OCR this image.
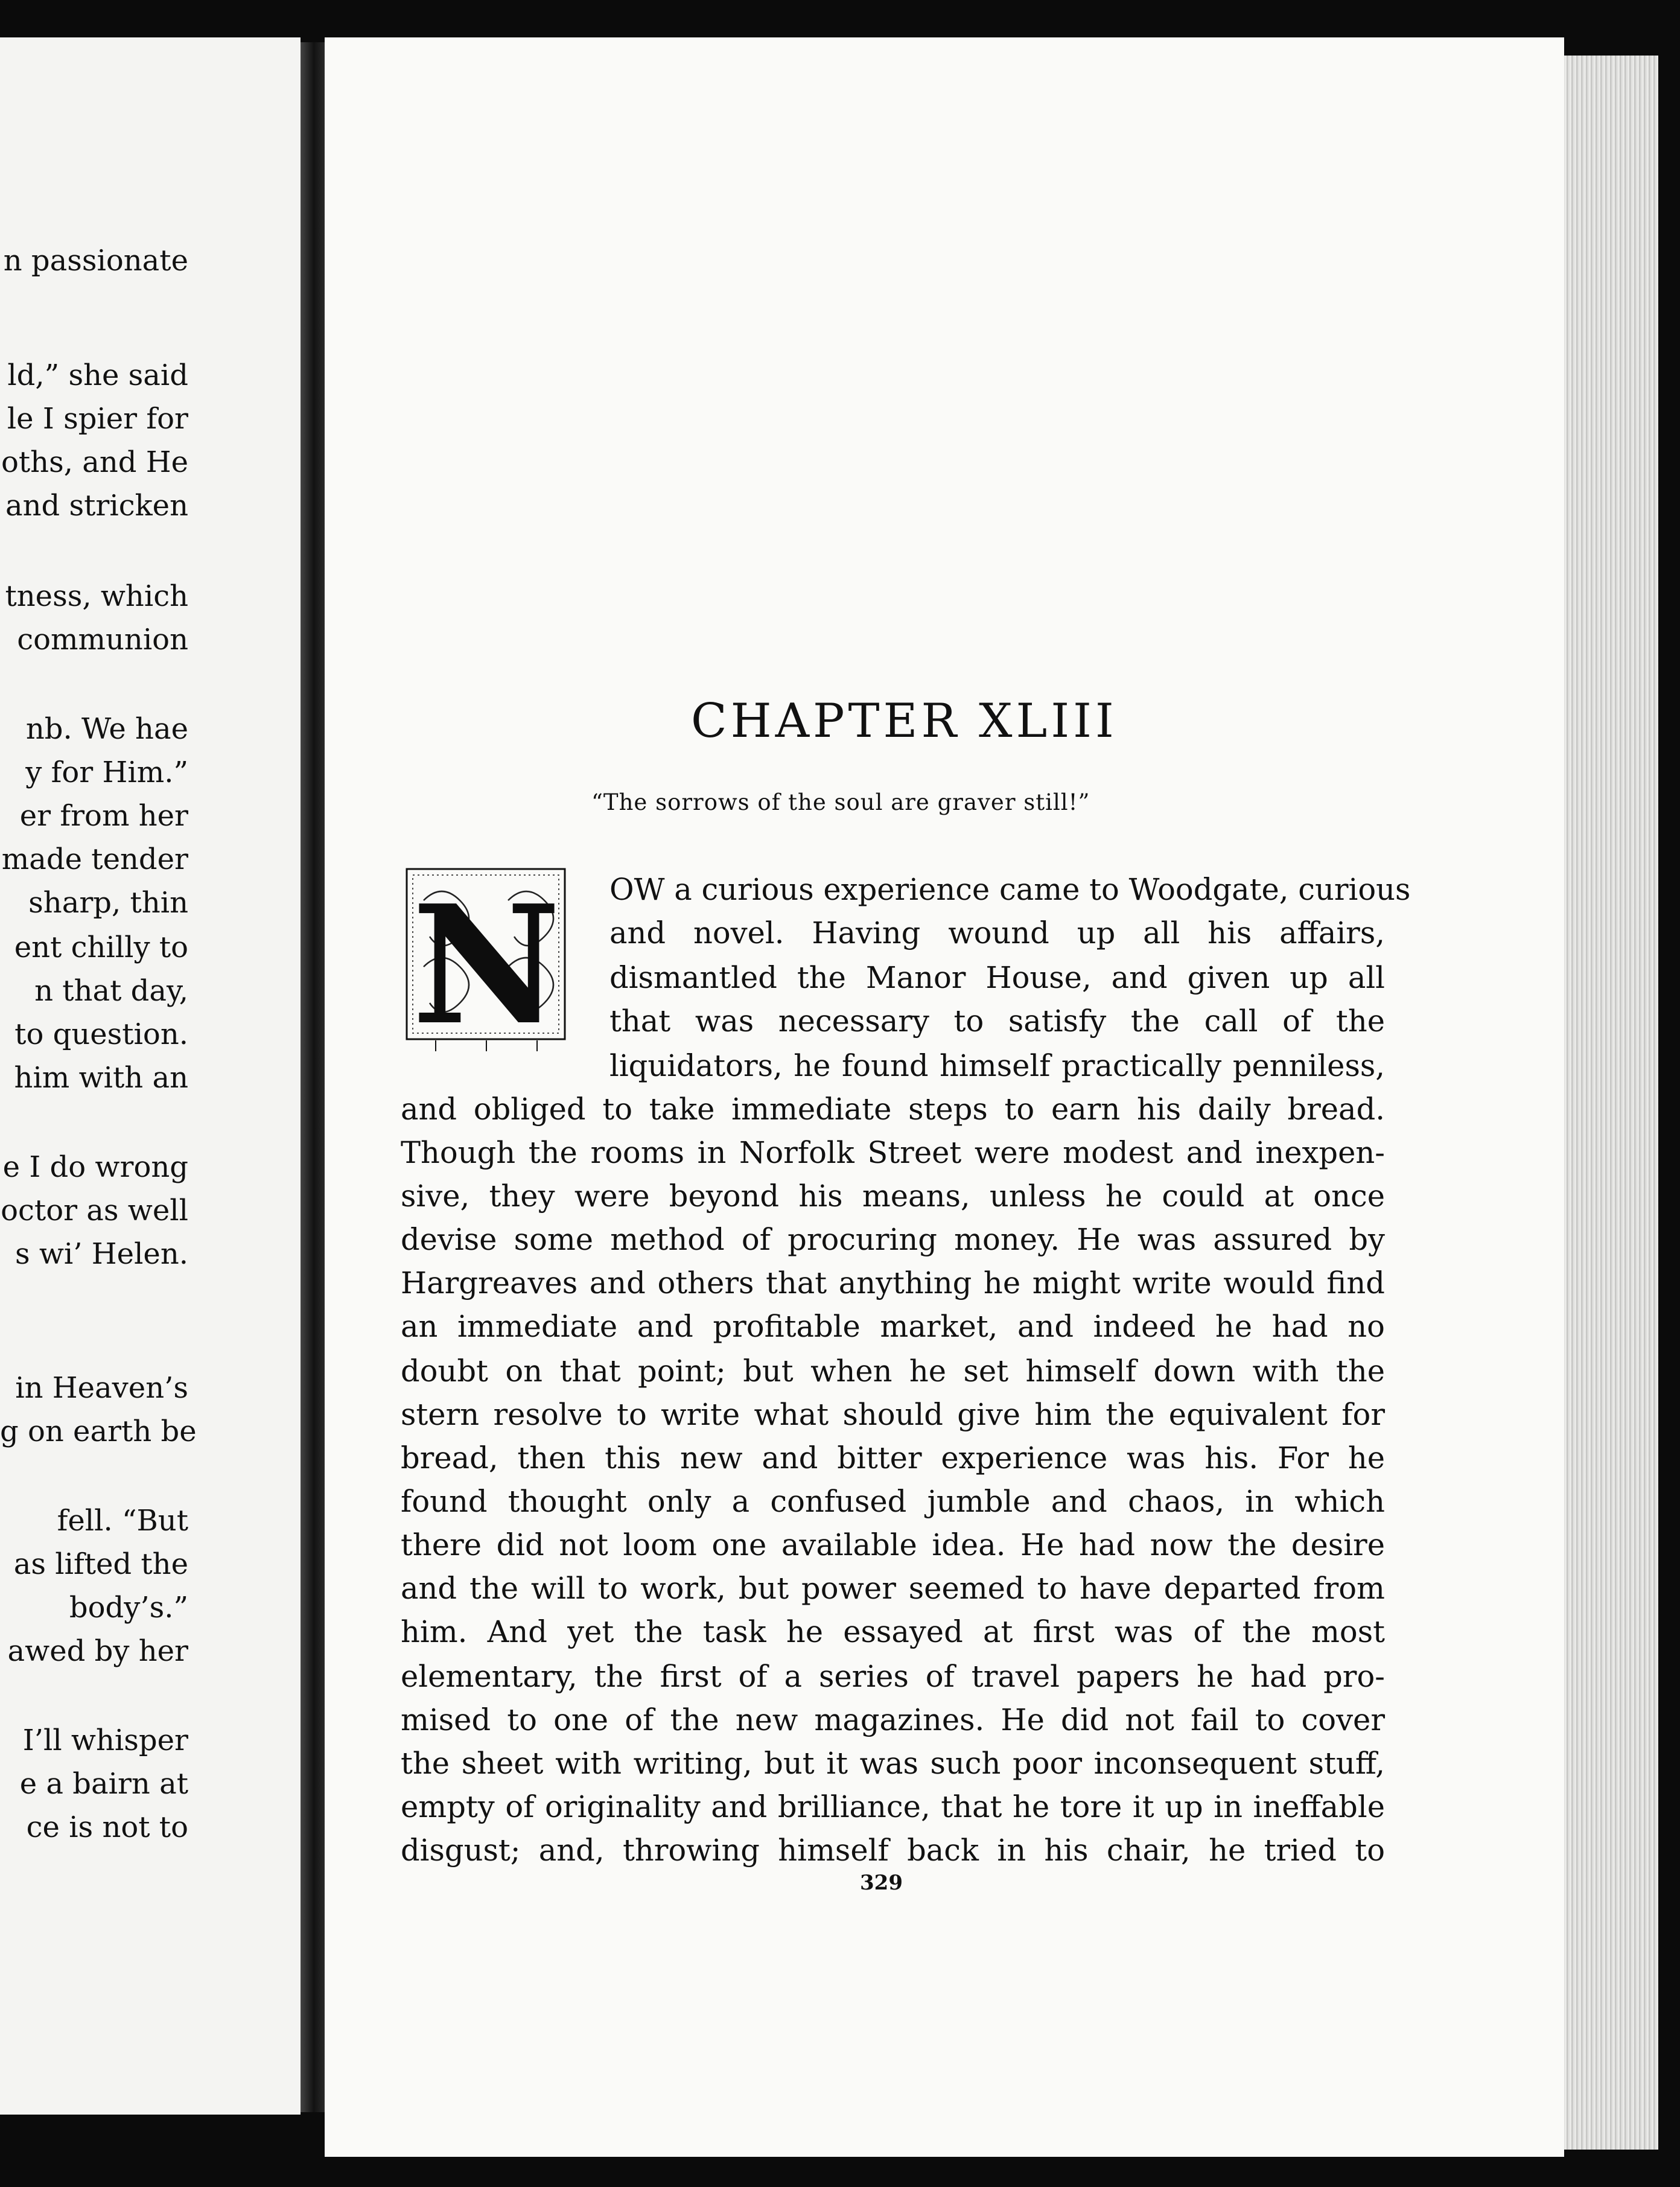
n passionate
ld,” she said
le I spier for
oths, and He
and stricken
tness, which
communion
nb. We hae
y for Him.”
er from her
made tender
sharp, thin
ent chilly to
n that day,
to question.
him with an
e I do wrong
octor as well
s wi’ Helen.
in Heaven’s
g on earth be
fell. “But
as lifted the
body’s.”
awed by her
I’ll whisper
e a bairn at
ce is not to
CHAPTER XLIII
“The sorrows of the soul are graver still!”
N OW a curious experience came to Woodgate, curious
and novel. Having wound up all his affairs,
dismantled the Manor House, and given up all
that was necessary to satisfy the call of the
liquidators, he found himself practically penniless,
and obliged to take immediate steps to earn his daily bread.
Though the rooms in Norfolk Street were modest and inexpen-
sive, they were beyond his means, unless he could at once
devise some method of procuring money. He was assured by
Hargreaves and others that anything he might write would find
an immediate and profitable market, and indeed he had no
doubt on that point; but when he set himself down with the
stern resolve to write what should give him the equivalent for
bread, then this new and bitter experience was his. For he
found thought only a confused jumble and chaos, in which
there did not loom one available idea. He had now the desire
and the will to work, but power seemed to have departed from
him. And yet the task he essayed at first was of the most
elementary, the first of a series of travel papers he had pro-
mised to one of the new magazines. He did not fail to cover
the sheet with writing, but it was such poor inconsequent stuff,
empty of originality and brilliance, that he tore it up in ineffable
disgust; and, throwing himself back in his chair, he tried to
329
